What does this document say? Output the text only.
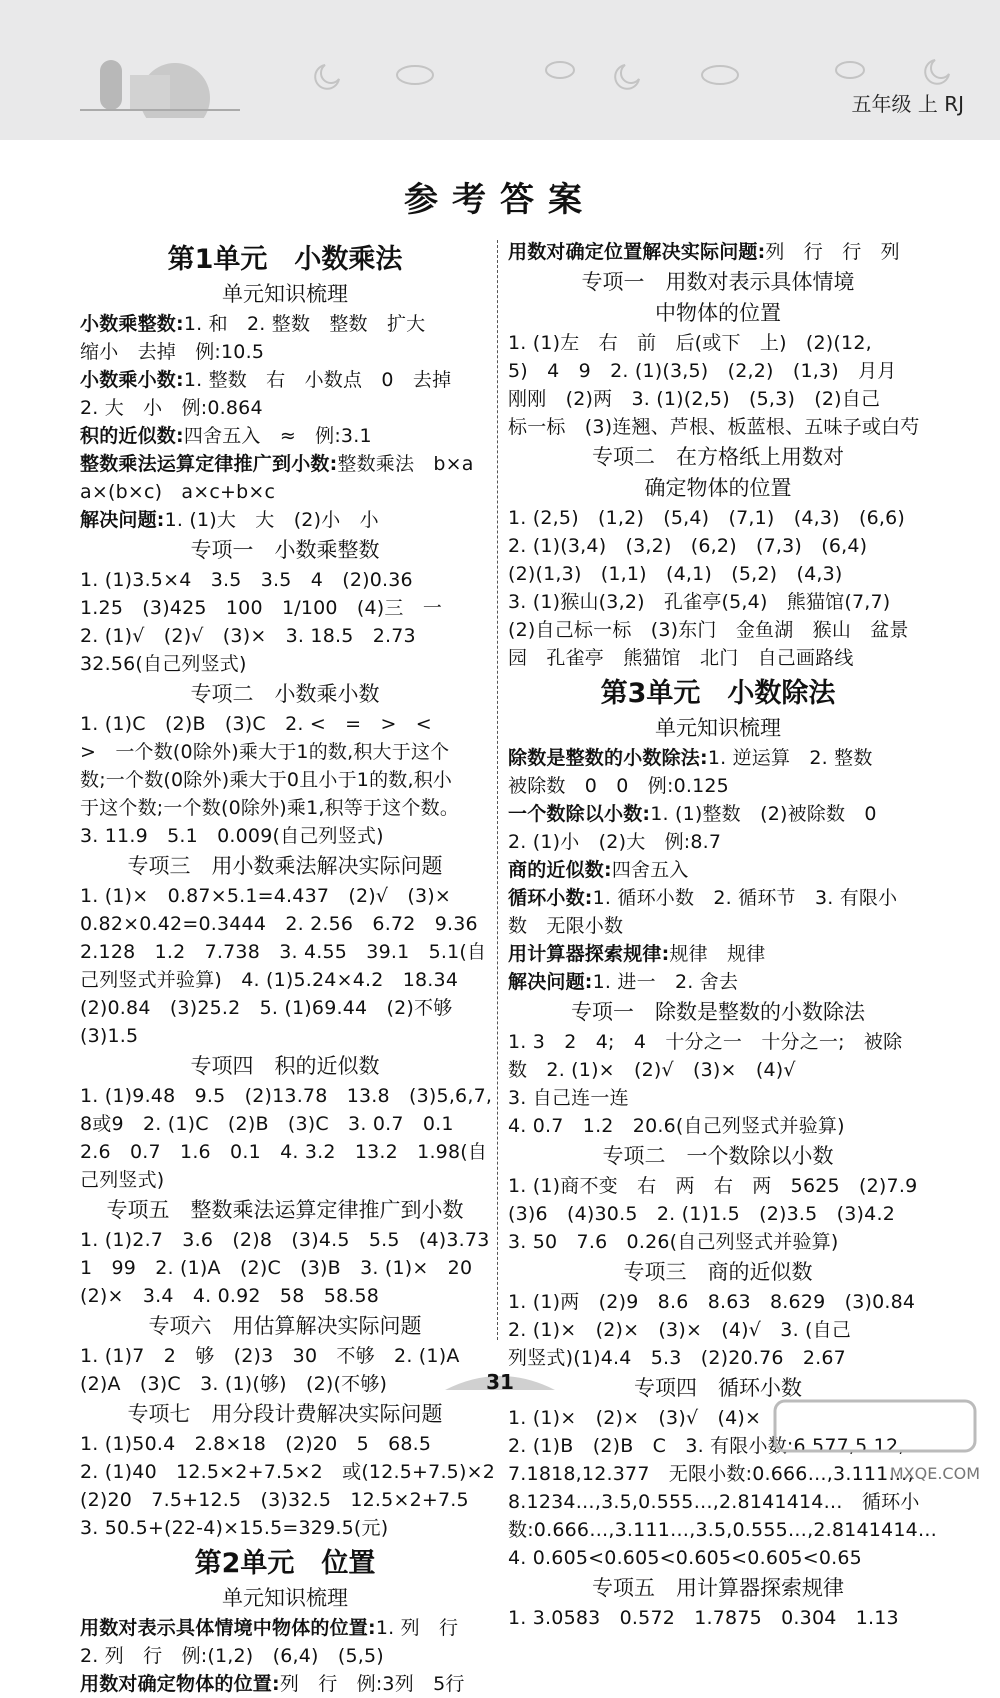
五年级 上 RJ
参考答案
第1单元　小数乘法
单元知识梳理
小数乘整数:1. 和　2. 整数　整数　扩大
缩小　去掉　例:10.5
小数乘小数:1. 整数　右　小数点　0　去掉
2. 大　小　例:0.864
积的近似数:四舍五入　≈　例:3.1
整数乘法运算定律推广到小数:整数乘法　b×a
a×(b×c)　a×c+b×c
解决问题:1. (1)大　大　(2)小　小
专项一　小数乘整数
1. (1)3.5×4　3.5　3.5　4　(2)0.36
1.25　(3)425　100　1/100　(4)三　一
2. (1)√　(2)√　(3)×　3. 18.5　2.73
32.56(自己列竖式)
专项二　小数乘小数
1. (1)C　(2)B　(3)C　2. <　=　>　<
>　一个数(0除外)乘大于1的数,积大于这个
数;一个数(0除外)乘大于0且小于1的数,积小
于这个数;一个数(0除外)乘1,积等于这个数。
3. 11.9　5.1　0.009(自己列竖式)
专项三　用小数乘法解决实际问题
1. (1)×　0.87×5.1=4.437　(2)√　(3)×
0.82×0.42=0.3444　2. 2.56　6.72　9.36
2.128　1.2　7.738　3. 4.55　39.1　5.1(自
己列竖式并验算)　4. (1)5.24×4.2　18.34
(2)0.84　(3)25.2　5. (1)69.44　(2)不够
(3)1.5
专项四　积的近似数
1. (1)9.48　9.5　(2)13.78　13.8　(3)5,6,7,
8或9　2. (1)C　(2)B　(3)C　3. 0.7　0.1
2.6　0.7　1.6　0.1　4. 3.2　13.2　1.98(自
己列竖式)
专项五　整数乘法运算定律推广到小数
1. (1)2.7　3.6　(2)8　(3)4.5　5.5　(4)3.73
1　99　2. (1)A　(2)C　(3)B　3. (1)×　20
(2)×　3.4　4. 0.92　58　58.58
专项六　用估算解决实际问题
1. (1)7　2　够　(2)3　30　不够　2. (1)A
(2)A　(3)C　3. (1)(够)　(2)(不够)
专项七　用分段计费解决实际问题
1. (1)50.4　2.8×18　(2)20　5　68.5
2. (1)40　12.5×2+7.5×2　或(12.5+7.5)×2
(2)20　7.5+12.5　(3)32.5　12.5×2+7.5
3. 50.5+(22-4)×15.5=329.5(元)
第2单元　位置
单元知识梳理
用数对表示具体情境中物体的位置:1. 列　行
2. 列　行　例:(1,2)　(6,4)　(5,5)
用数对确定物体的位置:列　行　例:3列　5行
用数对确定位置解决实际问题:列　行　行　列
专项一　用数对表示具体情境
中物体的位置
1. (1)左　右　前　后(或下　上)　(2)(12,
5)　4　9　2. (1)(3,5)　(2,2)　(1,3)　月月
刚刚　(2)两　3. (1)(2,5)　(5,3)　(2)自己
标一标　(3)连翘、芦根、板蓝根、五味子或白芍
专项二　在方格纸上用数对
确定物体的位置
1. (2,5)　(1,2)　(5,4)　(7,1)　(4,3)　(6,6)
2. (1)(3,4)　(3,2)　(6,2)　(7,3)　(6,4)
(2)(1,3)　(1,1)　(4,1)　(5,2)　(4,3)
3. (1)猴山(3,2)　孔雀亭(5,4)　熊猫馆(7,7)
(2)自己标一标　(3)东门　金鱼湖　猴山　盆景
园　孔雀亭　熊猫馆　北门　自己画路线
第3单元　小数除法
单元知识梳理
除数是整数的小数除法:1. 逆运算　2. 整数
被除数　0　0　例:0.125
一个数除以小数:1. (1)整数　(2)被除数　0
2. (1)小　(2)大　例:8.7
商的近似数:四舍五入
循环小数:1. 循环小数　2. 循环节　3. 有限小
数　无限小数
用计算器探索规律:规律　规律
解决问题:1. 进一　2. 舍去
专项一　除数是整数的小数除法
1. 3　2　4;　4　十分之一　十分之一;　被除
数　2. (1)×　(2)√　(3)×　(4)√
3. 自己连一连
4. 0.7　1.2　20.6(自己列竖式并验算)
专项二　一个数除以小数
1. (1)商不变　右　两　右　两　5625　(2)7.9
(3)6　(4)30.5　2. (1)1.5　(2)3.5　(3)4.2
3. 50　7.6　0.26(自己列竖式并验算)
专项三　商的近似数
1. (1)两　(2)9　8.6　8.63　8.629　(3)0.84
2. (1)×　(2)×　(3)×　(4)√　3. (自己
列竖式)(1)4.4　5.3　(2)20.76　2.67
专项四　循环小数
1. (1)×　(2)×　(3)√　(4)×
2. (1)B　(2)B　C　3. 有限小数:6.577,5.12,
7.1818,12.377　无限小数:0.666…,3.111…,
8.1234…,3.5,0.555…,2.8141414…　循环小
数:0.666…,3.111…,3.5,0.555…,2.8141414…
4. 0.605<0.605<0.605<0.605<0.65
专项五　用计算器探索规律
1. 3.0583　0.572　1.7875　0.304　1.13
31
MXQE.COM
